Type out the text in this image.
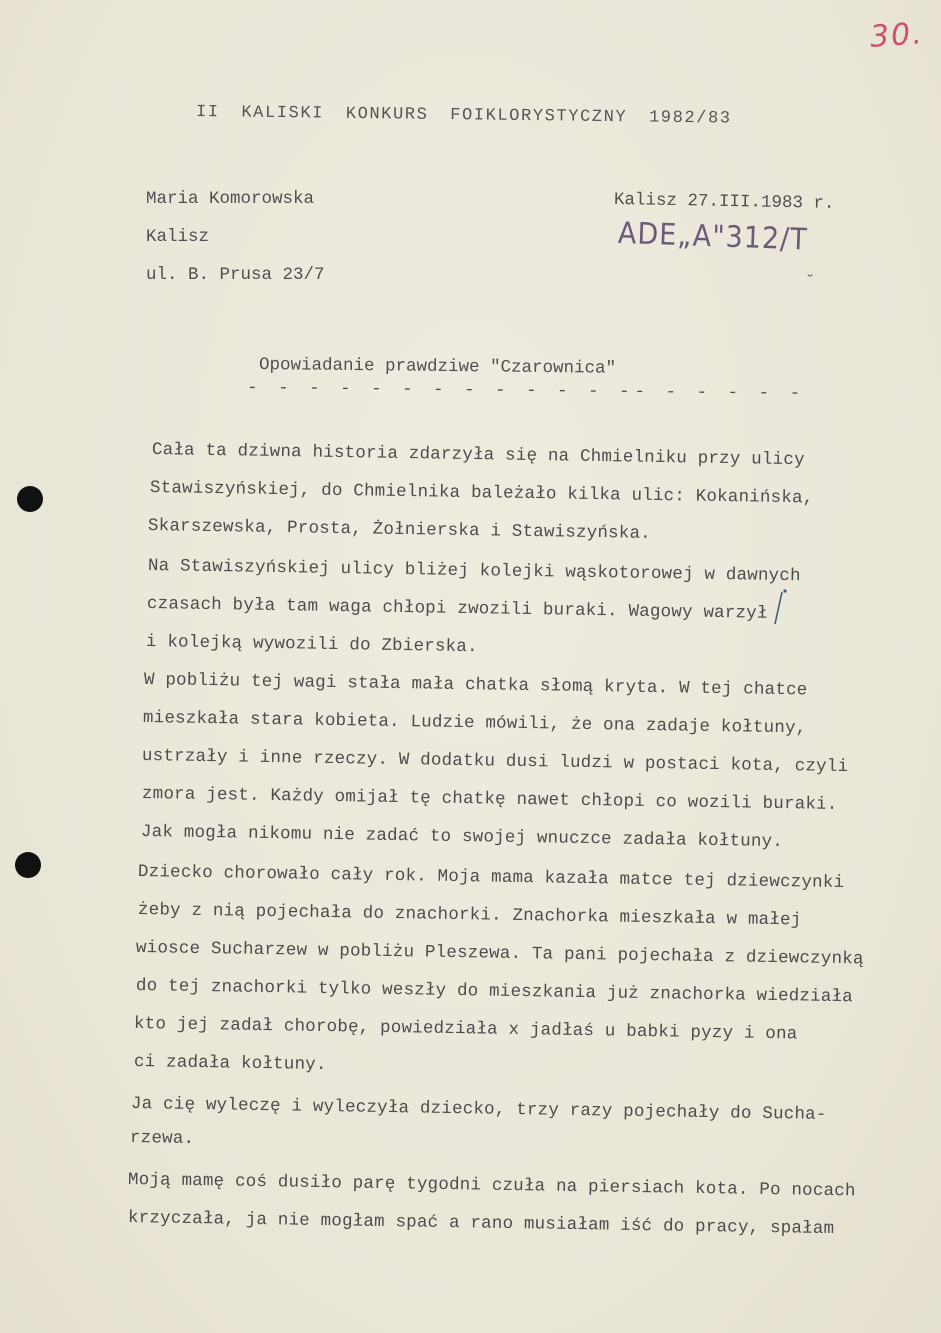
30.
II KALISKI KONKURS FOIKLORYSTYCZNY 1982/83
Maria Komorowska
Kalisz
ul. B. Prusa 23/7
Kalisz 27.III.1983 r.
ADE„A"312/T
˘
Opowiadanie prawdziwe "Czarownica"
- - - - - - - - - - - - -- - - - - -
Cała ta dziwna historia zdarzyła się na Chmielniku przy ulicy
Stawiszyńskiej, do Chmielnika bależało kilka ulic: Kokanińska,
Skarszewska, Prosta, Żołnierska i Stawiszyńska.
Na Stawiszyńskiej ulicy bliżej kolejki wąskotorowej w dawnych
czasach była tam waga chłopi zwozili buraki. Wagowy warzył
i kolejką wywozili do Zbierska.
W pobliżu tej wagi stała mała chatka słomą kryta. W tej chatce
mieszkała stara kobieta. Ludzie mówili, że ona zadaje kołtuny,
ustrzały i inne rzeczy. W dodatku dusi ludzi w postaci kota, czyli
zmora jest. Każdy omijał tę chatkę nawet chłopi co wozili buraki.
Jak mogła nikomu nie zadać to swojej wnuczce zadała kołtuny.
Dziecko chorowało cały rok. Moja mama kazała matce tej dziewczynki
żeby z nią pojechała do znachorki. Znachorka mieszkała w małej
wiosce Sucharzew w pobliżu Pleszewa. Ta pani pojechała z dziewczynką
do tej znachorki tylko weszły do mieszkania już znachorka wiedziała
kto jej zadał chorobę, powiedziała x jadłaś u babki pyzy i ona
ci zadała kołtuny.
Ja cię wyleczę i wyleczyła dziecko, trzy razy pojechały do Sucha-
rzewa.
Moją mamę coś dusiło parę tygodni czuła na piersiach kota. Po nocach
krzyczała, ja nie mogłam spać a rano musiałam iść do pracy, spałam
